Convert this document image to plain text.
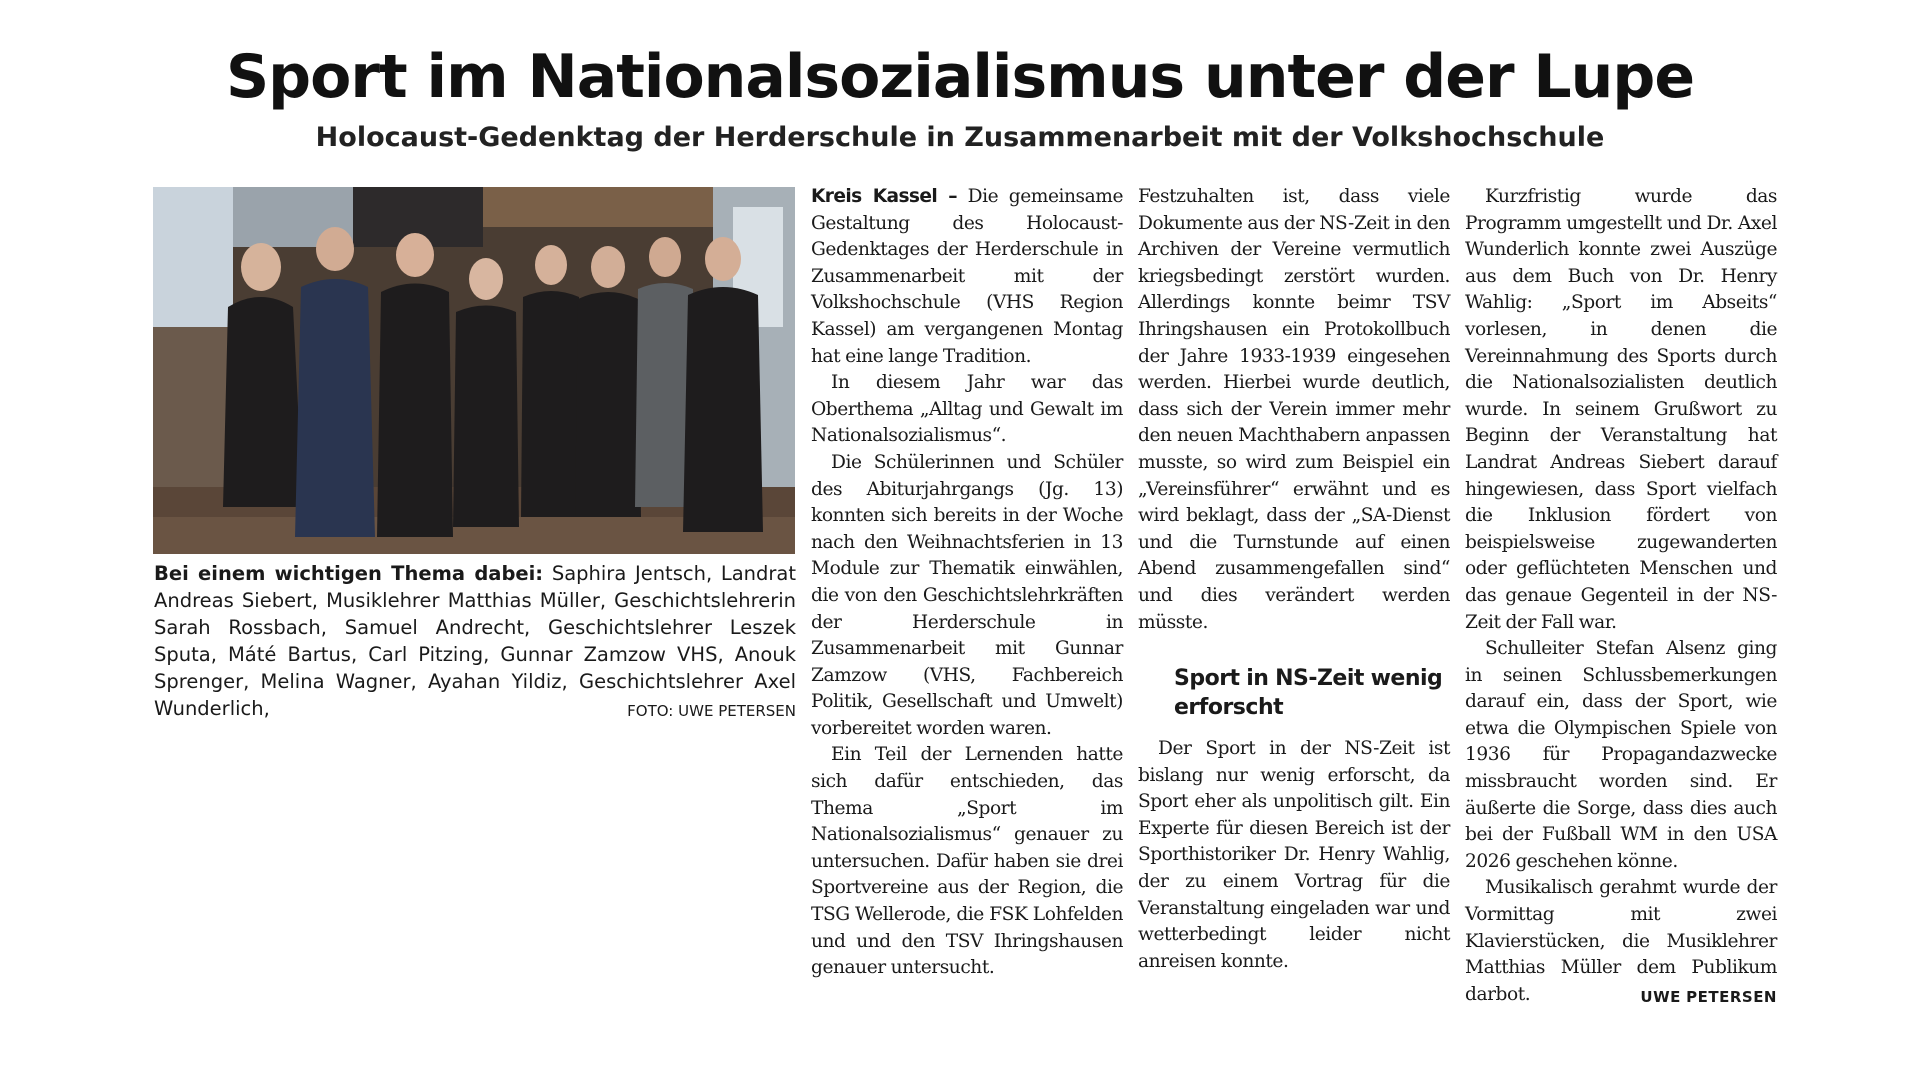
Sport im Nationalsozialismus unter der Lupe
Holocaust-Gedenktag der Herderschule in Zusammenarbeit mit der Volkshochschule
Bei einem wichtigen Thema dabei: Saphira Jentsch, Landrat Andreas Siebert, Musiklehrer Matthias Müller, Geschichtslehrerin Sarah Rossbach, Samuel Andrecht, Geschichtslehrer Leszek Sputa, Máté Bartus, Carl Pitzing, Gunnar Zamzow VHS, Anouk Sprenger, Melina Wagner, Ayahan Yildiz, Geschichtslehrer Axel Wunderlich,	FOTO: UWE PETERSEN

Kreis Kassel – Die gemeinsame Gestaltung des Holocaust-Gedenktages der Herderschule in Zusammenarbeit mit der Volkshochschule (VHS Region Kassel) am vergangenen Montag hat eine lange Tradition.

In diesem Jahr war das Oberthema „Alltag und Gewalt im Nationalsozialismus“.

Die Schülerinnen und Schüler des Abiturjahrgangs (Jg. 13) konnten sich bereits in der Woche nach den Weihnachtsferien in 13 Module zur Thematik einwählen, die von den Geschichtslehrkräften der Herderschule in Zusammenarbeit mit Gunnar Zamzow (VHS, Fachbereich Politik, Gesellschaft und Umwelt) vorbereitet worden waren.

Ein Teil der Lernenden hatte sich dafür entschieden, das Thema „Sport im Nationalsozialismus“ genauer zu untersuchen. Dafür haben sie drei Sportvereine aus der Region, die TSG Wellerode, die FSK Lohfelden und und den TSV Ihringshausen genauer untersucht.

Festzuhalten ist, dass viele Dokumente aus der NS-Zeit in den Archiven der Vereine vermutlich kriegsbedingt zerstört wurden. Allerdings konnte beimr TSV Ihringshausen ein Protokollbuch der Jahre 1933-1939 eingesehen werden. Hierbei wurde deutlich, dass sich der Verein immer mehr den neuen Machthabern anpassen musste, so wird zum Beispiel ein „Vereinsführer“ erwähnt und es wird beklagt, dass der „SA-Dienst und die Turnstunde auf einen Abend zusammengefallen sind“ und dies verändert werden müsste.

Sport in NS-Zeit wenig erforscht

Der Sport in der NS-Zeit ist bislang nur wenig erforscht, da Sport eher als unpolitisch gilt. Ein Experte für diesen Bereich ist der Sporthistoriker Dr. Henry Wahlig, der zu einem Vortrag für die Veranstaltung eingeladen war und wetterbedingt leider nicht anreisen konnte.

Kurzfristig wurde das Programm umgestellt und Dr. Axel Wunderlich konnte zwei Auszüge aus dem Buch von Dr. Henry Wahlig: „Sport im Abseits“ vorlesen, in denen die Vereinnahmung des Sports durch die Nationalsozialisten deutlich wurde. In seinem Grußwort zu Beginn der Veranstaltung hat Landrat Andreas Siebert darauf hingewiesen, dass Sport vielfach die Inklusion fördert von beispielsweise zugewanderten oder geflüchteten Menschen und das genaue Gegenteil in der NS-Zeit der Fall war.

Schulleiter Stefan Alsenz ging in seinen Schlussbemerkungen darauf ein, dass der Sport, wie etwa die Olympischen Spiele von 1936 für Propagandazwecke missbraucht worden sind. Er äußerte die Sorge, dass dies auch bei der Fußball WM in den USA 2026 geschehen könne.

Musikalisch gerahmt wurde der Vormittag mit zwei Klavierstücken, die Musiklehrer Matthias Müller dem Publikum darbot.	UWE PETERSEN
